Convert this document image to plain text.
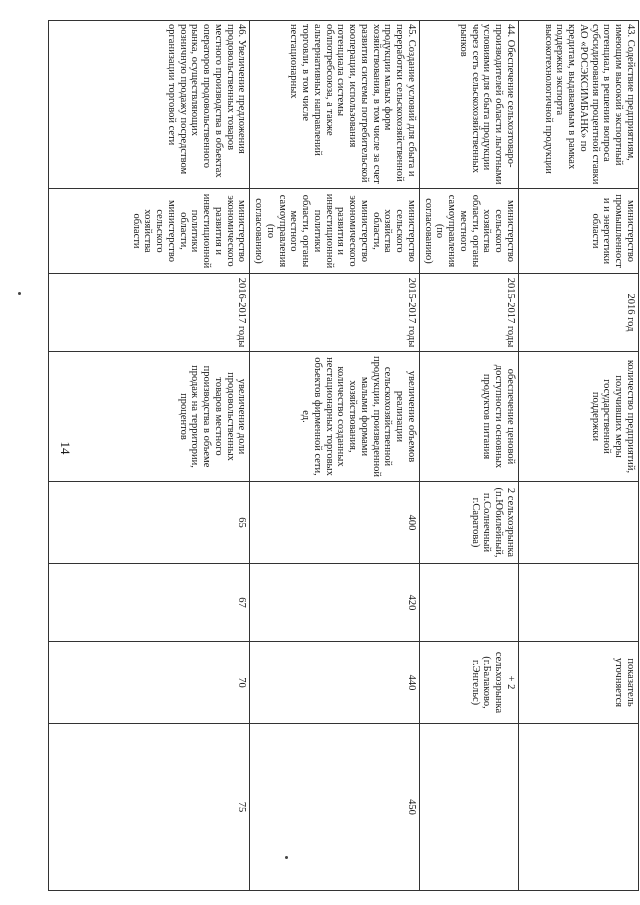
14
43. Содействие предприятиям, имеющим высокий экспортный потенциал, в решении вопроса субсидирования процентной ставки АО «РОСЭКСИМБАНК» по кредитам, выдаваемым в рамках поддержки экспорта высокотехнологичной продукции	министерство промышленности и энергетики области	2016 год	количество предприятий, получивших меры государственной поддержки			показатель уточняется	
44. Обеспечение сельхозтоваро-производителей области льготными условиями для сбыта продукции через сеть сельскохозяйственных рынков	министерство сельского хозяйства области, органы местного самоуправления (по согласованию)	2015-2017 годы	обеспечение ценовой доступности основных продуктов питания	2 сельхозрынка (п.Юбилейный, п.Солнечный г.Саратова)		+ 2 сельхозрынка (г.Балаково, г.Энгельс)	
45. Создание условий для сбыта и переработки сельскохозяйственной продукции малых форм хозяйствования, в том числе за счет развития системы потребительской кооперации, использования потенциала системы облпотребсоюза, а также альтернативных направлений торговли, в том числе нестационарных	министерство сельского хозяйства области, министерство экономического развития и инвестиционной политики области, органы местного самоуправления (по согласованию)	2015-2017 годы	увеличение объемов реализации сельскохозяйственной продукции, произведенной малыми формами хозяйствования, количество созданных нестационарных торговых объектов фирменной сети, ед.	400	420	440	450
46. Увеличение предложения продовольственных товаров местного производства в объектах операторов продовольственного рынка, осуществляющих розничную продажу посредством организации торговой сети	министерство экономического развития и инвестиционной политики области, министерство сельского хозяйства области	2016-2017 годы	увеличение доли продовольственных товаров местного производства в объеме продаж на территории, процентов	65	67	70	75
